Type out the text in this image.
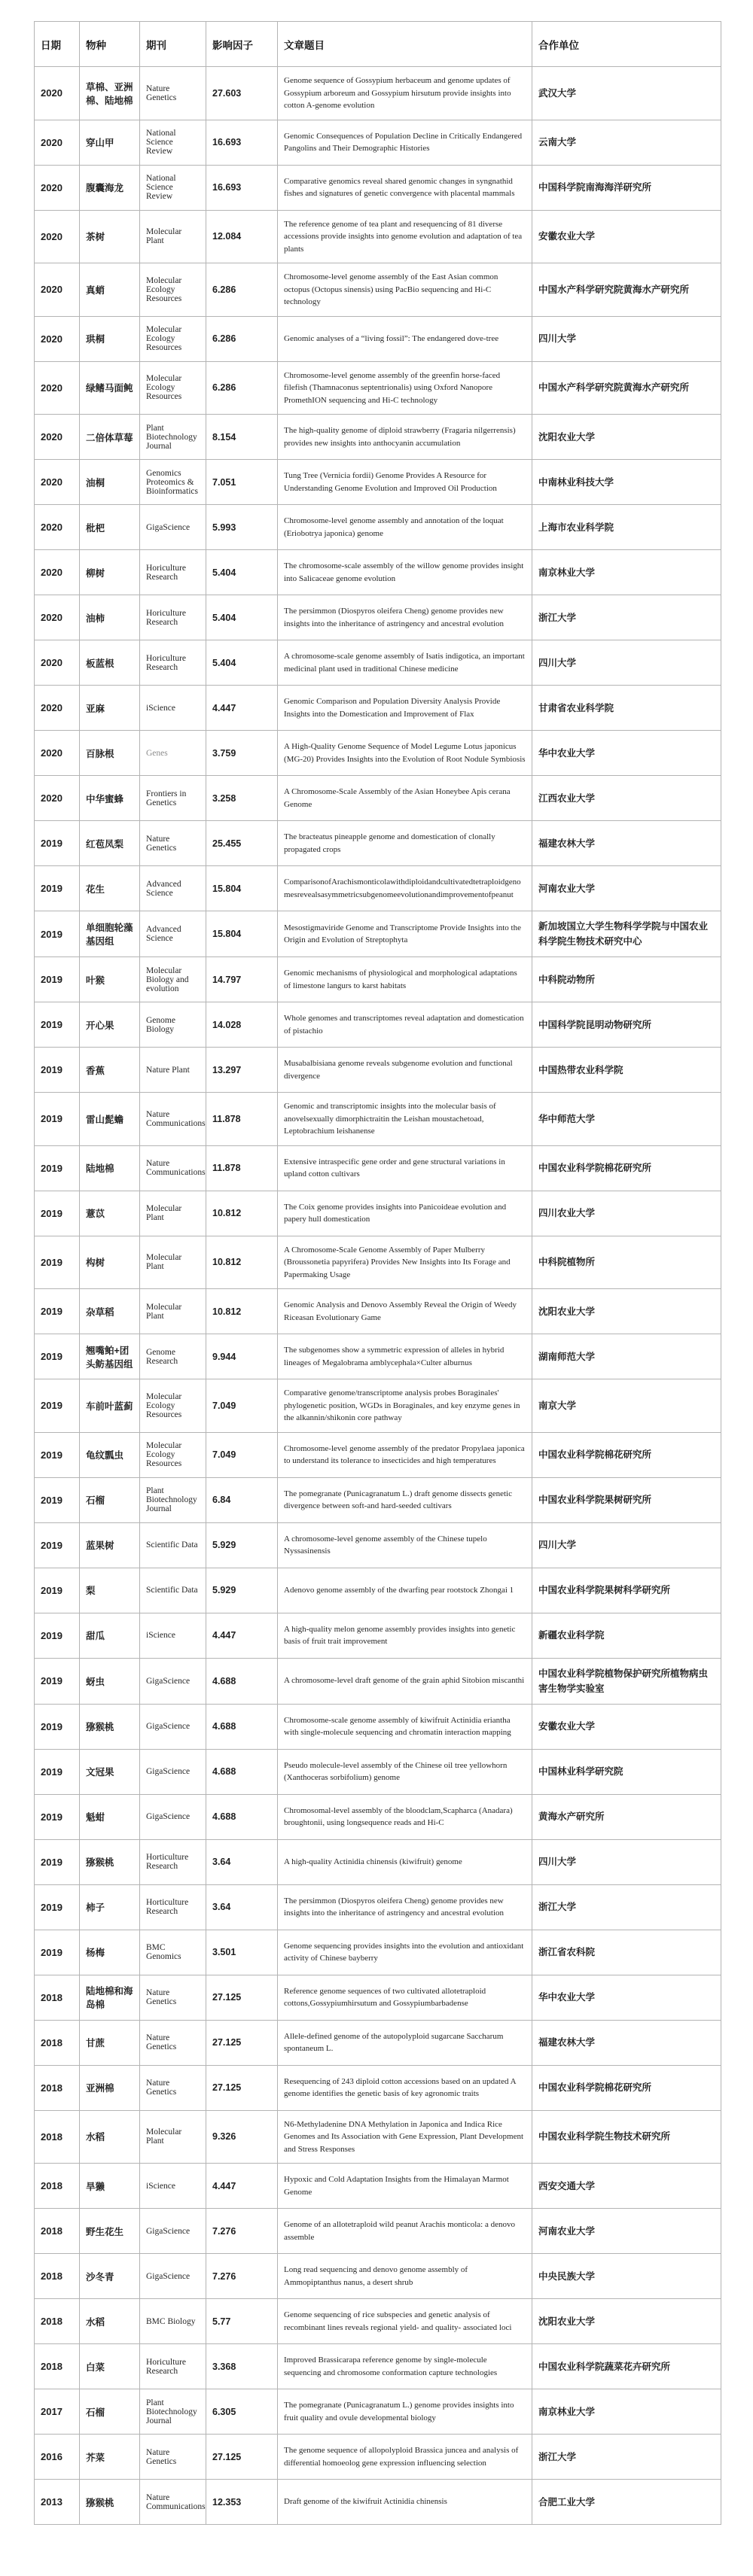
日期	物种	期刊	影响因子	文章题目	合作单位
2020	草棉、亚洲棉、陆地棉	Nature Genetics	27.603	Genome sequence of Gossypium herbaceum and genome updates of Gossypium arboreum and Gossypium hirsutum provide insights into cotton A-genome evolution	武汉大学
2020	穿山甲	National Science Review	16.693	Genomic Consequences of Population Decline in Critically Endangered Pangolins and Their Demographic Histories	云南大学
2020	腹囊海龙	National Science Review	16.693	Comparative genomics reveal shared genomic changes in syngnathid fishes and signatures of genetic convergence with placental mammals	中国科学院南海海洋研究所
2020	茶树	Molecular Plant	12.084	The reference genome of tea plant and resequencing of 81 diverse accessions provide insights into genome evolution and adaptation of tea plants	安徽农业大学
2020	真蛸	Molecular Ecology Resources	6.286	Chromosome-level genome assembly of the East Asian common octopus (Octopus sinensis) using PacBio sequencing and Hi-C technology	中国水产科学研究院黄海水产研究所
2020	珙桐	Molecular Ecology Resources	6.286	Genomic analyses of a “living fossil”: The endangered dove-tree	四川大学
2020	绿鳍马面鲀	Molecular Ecology Resources	6.286	Chromosome-level genome assembly of the greenfin horse-faced filefish (Thamnaconus septentrionalis) using Oxford Nanopore PromethION sequencing and Hi-C technology	中国水产科学研究院黄海水产研究所
2020	二倍体草莓	Plant Biotechnology Journal	8.154	The high-quality genome of diploid strawberry (Fragaria nilgerrensis) provides new insights into anthocyanin accumulation	沈阳农业大学
2020	油桐	Genomics Proteomics & Bioinformatics	7.051	Tung Tree (Vernicia fordii) Genome Provides A Resource for Understanding Genome Evolution and Improved Oil Production	中南林业科技大学
2020	枇杷	GigaScience	5.993	Chromosome-level genome assembly and annotation of the loquat (Eriobotrya japonica) genome	上海市农业科学院
2020	柳树	Horiculture Research	5.404	The chromosome-scale assembly of the willow genome provides insight into Salicaceae genome evolution	南京林业大学
2020	油柿	Horiculture Research	5.404	The persimmon (Diospyros oleifera Cheng) genome provides new insights into the inheritance of astringency and ancestral evolution	浙江大学
2020	板蓝根	Horiculture Research	5.404	A chromosome-scale genome assembly of Isatis indigotica, an important medicinal plant used in traditional Chinese medicine	四川大学
2020	亚麻	iScience	4.447	Genomic Comparison and Population Diversity Analysis Provide Insights into the Domestication and Improvement of Flax	甘肃省农业科学院
2020	百脉根	Genes	3.759	A High-Quality Genome Sequence of Model Legume Lotus japonicus (MG-20) Provides Insights into the Evolution of Root Nodule Symbiosis	华中农业大学
2020	中华蜜蜂	Frontiers in Genetics	3.258	A Chromosome-Scale Assembly of the Asian Honeybee Apis cerana Genome	江西农业大学
2019	红苞凤梨	Nature Genetics	25.455	The bracteatus pineapple genome and domestication of clonally propagated crops	福建农林大学
2019	花生	Advanced Science	15.804	ComparisonofArachismonticolawithdiploidandcultivatedtetraploidgenomesrevealsasymmetricsubgenomeevolutionandimprovementofpeanut	河南农业大学
2019	单细胞轮藻基因组	Advanced Science	15.804	Mesostigmaviride Genome and Transcriptome Provide Insights into the Origin and Evolution of Streptophyta	新加坡国立大学生物科学学院与中国农业科学院生物技术研究中心
2019	叶猴	Molecular Biology and evolution	14.797	Genomic mechanisms of physiological and morphological adaptations of limestone langurs to karst habitats	中科院动物所
2019	开心果	Genome Biology	14.028	Whole genomes and transcriptomes reveal adaptation and domestication of pistachio	中国科学院昆明动物研究所
2019	香蕉	Nature Plant	13.297	Musabalbisiana genome reveals subgenome evolution and functional divergence	中国热带农业科学院
2019	雷山髭蟾	Nature Communications	11.878	Genomic and transcriptomic insights into the molecular basis of anovelsexually dimorphictraitin the Leishan moustachetoad, Leptobrachium leishanense	华中师范大学
2019	陆地棉	Nature Communications	11.878	Extensive intraspecific gene order and gene structural variations in upland cotton cultivars	中国农业科学院棉花研究所
2019	薏苡	Molecular Plant	10.812	The Coix genome provides insights into Panicoideae evolution and papery hull domestication	四川农业大学
2019	构树	Molecular Plant	10.812	A Chromosome-Scale Genome Assembly of Paper Mulberry (Broussonetia papyrifera) Provides New Insights into Its Forage and Papermaking Usage	中科院植物所
2019	杂草稻	Molecular Plant	10.812	Genomic Analysis and Denovo Assembly Reveal the Origin of Weedy Riceasan Evolutionary Game	沈阳农业大学
2019	翘嘴鲌+团头鲂基因组	Genome Research	9.944	The subgenomes show a symmetric expression of alleles in hybrid lineages of Megalobrama amblycephala×Culter alburnus	湖南师范大学
2019	车前叶蓝蓟	Molecular Ecology Resources	7.049	Comparative genome/transcriptome analysis probes Boraginales' phylogenetic position, WGDs in Boraginales, and key enzyme genes in the alkannin/shikonin core pathway	南京大学
2019	龟纹瓢虫	Molecular Ecology Resources	7.049	Chromosome-level genome assembly of the predator Propylaea japonica to understand its tolerance to insecticides and high temperatures	中国农业科学院棉花研究所
2019	石榴	Plant Biotechnology Journal	6.84	The pomegranate (Punicagranatum L.) draft genome dissects genetic divergence between soft-and hard-seeded cultivars	中国农业科学院果树研究所
2019	蓝果树	Scientific Data	5.929	A chromosome-level genome assembly of the Chinese tupelo Nyssasinensis	四川大学
2019	梨	Scientific Data	5.929	Adenovo genome assembly of the dwarfing pear rootstock Zhongai 1	中国农业科学院果树科学研究所
2019	甜瓜	iScience	4.447	A high-quality melon genome assembly provides insights into genetic basis of fruit trait improvement	新疆农业科学院
2019	蚜虫	GigaScience	4.688	A chromosome-level draft genome of the grain aphid Sitobion miscanthi	中国农业科学院植物保护研究所植物病虫害生物学实验室
2019	猕猴桃	GigaScience	4.688	Chromosome-scale genome assembly of kiwifruit Actinidia eriantha with single-molecule sequencing and chromatin interaction mapping	安徽农业大学
2019	文冠果	GigaScience	4.688	Pseudo molecule-level assembly of the Chinese oil tree yellowhorn (Xanthoceras sorbifolium) genome	中国林业科学研究院
2019	魁蚶	GigaScience	4.688	Chromosomal-level assembly of the bloodclam,Scapharca (Anadara) broughtonii, using longsequence reads and Hi-C	黄海水产研究所
2019	猕猴桃	Horticulture Research	3.64	A high-quality Actinidia chinensis (kiwifruit) genome	四川大学
2019	柿子	Horticulture Research	3.64	The persimmon (Diospyros oleifera Cheng) genome provides new insights into the inheritance of astringency and ancestral evolution	浙江大学
2019	杨梅	BMC Genomics	3.501	Genome sequencing provides insights into the evolution and antioxidant activity of Chinese bayberry	浙江省农科院
2018	陆地棉和海岛棉	Nature Genetics	27.125	Reference genome sequences of two cultivated allotetraploid cottons,Gossypiumhirsutum and Gossypiumbarbadense	华中农业大学
2018	甘蔗	Nature Genetics	27.125	Allele-defined genome of the autopolyploid sugarcane Saccharum spontaneum L.	福建农林大学
2018	亚洲棉	Nature Genetics	27.125	Resequencing of 243 diploid cotton accessions based on an updated A genome identifies the genetic basis of key agronomic traits	中国农业科学院棉花研究所
2018	水稻	Molecular Plant	9.326	N6-Methyladenine DNA Methylation in Japonica and Indica Rice Genomes and Its Association with Gene Expression, Plant Development and Stress Responses	中国农业科学院生物技术研究所
2018	旱獭	iScience	4.447	Hypoxic and Cold Adaptation Insights from the Himalayan Marmot Genome	西安交通大学
2018	野生花生	GigaScience	7.276	Genome of an allotetraploid wild peanut Arachis monticola: a denovo assemble	河南农业大学
2018	沙冬青	GigaScience	7.276	Long read sequencing and denovo genome assembly of Ammopiptanthus nanus, a desert shrub	中央民族大学
2018	水稻	BMC Biology	5.77	Genome sequencing of rice subspecies and genetic analysis of recombinant lines reveals regional yield- and quality- associated loci	沈阳农业大学
2018	白菜	Horiculture Research	3.368	Improved Brassicarapa reference genome by single-molecule sequencing and chromosome conformation capture technologies	中国农业科学院蔬菜花卉研究所
2017	石榴	Plant Biotechnology Journal	6.305	The pomegranate (Punicagranatum L.) genome provides insights into fruit quality and ovule developmental biology	南京林业大学
2016	芥菜	Nature Genetics	27.125	The genome sequence of allopolyploid Brassica juncea and analysis of differential homoeolog gene expression influencing selection	浙江大学
2013	猕猴桃	Nature Communications	12.353	Draft genome of the kiwifruit Actinidia chinensis	合肥工业大学
